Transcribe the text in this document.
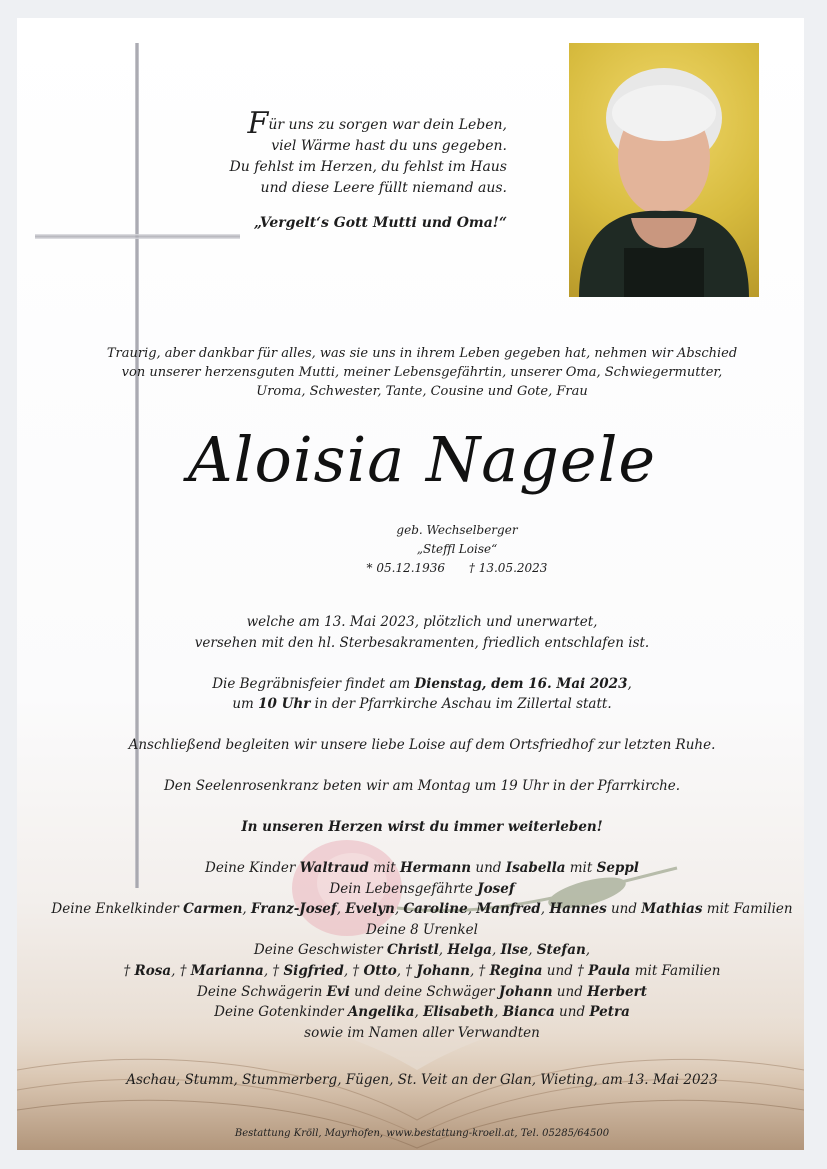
Für uns zu sorgen war dein Leben,
viel Wärme hast du uns gegeben.
Du fehlst im Herzen, du fehlst im Haus
und diese Leere füllt niemand aus.
„Vergelt‘s Gott Mutti und Oma!“
Traurig, aber dankbar für alles, was sie uns in ihrem Leben gegeben hat, nehmen wir Abschied
von unserer herzensguten Mutti, meiner Lebensgefährtin, unserer Oma, Schwiegermutter,
Uroma, Schwester, Tante, Cousine und Gote, Frau
Aloisia Nagele
geb. Wechselberger
„Steffl Loise“
* 05.12.1936 † 13.05.2023

welche am 13. Mai 2023, plötzlich und unerwartet,
versehen mit den hl. Sterbesakramenten, friedlich entschlafen ist.

Die Begräbnisfeier findet am Dienstag, dem 16. Mai 2023,
um 10 Uhr in der Pfarrkirche Aschau im Zillertal statt.

Anschließend begleiten wir unsere liebe Loise auf dem Ortsfriedhof zur letzten Ruhe.

Den Seelenrosenkranz beten wir am Montag um 19 Uhr in der Pfarrkirche.

In unseren Herzen wirst du immer weiterleben!

Deine Kinder Waltraud mit Hermann und Isabella mit Seppl
Dein Lebensgefährte Josef
Deine Enkelkinder Carmen, Franz-Josef, Evelyn, Caroline, Manfred, Hannes und Mathias mit Familien
Deine 8 Urenkel
Deine Geschwister Christl, Helga, Ilse, Stefan,
† Rosa, † Marianna, † Sigfried, † Otto, † Johann, † Regina und † Paula mit Familien
Deine Schwägerin Evi und deine Schwäger Johann und Herbert
Deine Gotenkinder Angelika, Elisabeth, Bianca und Petra
sowie im Namen aller Verwandten
Aschau, Stumm, Stummerberg, Fügen, St. Veit an der Glan, Wieting, am 13. Mai 2023
Bestattung Kröll, Mayrhofen, www.bestattung-kroell.at, Tel. 05285/64500
